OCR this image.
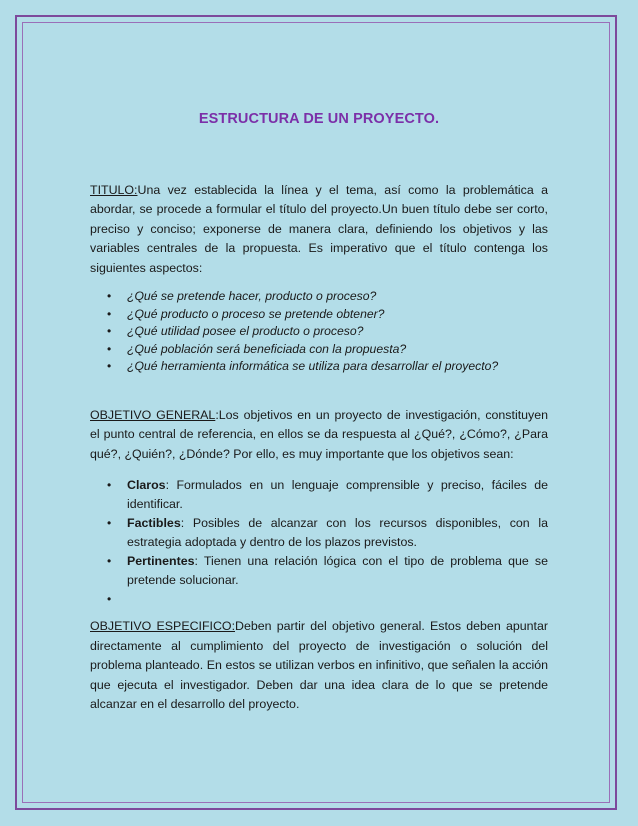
ESTRUCTURA DE UN PROYECTO.

TITULO:Una vez establecida la línea y el tema, así como la problemática a abordar, se procede a formular el título del proyecto.Un buen título debe ser corto, preciso y conciso; exponerse de manera clara, definiendo los objetivos y las variables centrales de la propuesta. Es imperativo que el título contenga los siguientes aspectos:

• ¿Qué se pretende hacer, producto o proceso?
• ¿Qué producto o proceso se pretende obtener?
• ¿Qué utilidad posee el producto o proceso?
• ¿Qué población será beneficiada con la propuesta?
• ¿Qué herramienta informática se utiliza para desarrollar el proyecto?

OBJETIVO GENERAL:Los objetivos en un proyecto de investigación, constituyen el punto central de referencia, en ellos se da respuesta al ¿Qué?, ¿Cómo?, ¿Para qué?, ¿Quién?, ¿Dónde? Por ello, es muy importante que los objetivos sean:

• Claros: Formulados en un lenguaje comprensible y preciso, fáciles de identificar.
• Factibles: Posibles de alcanzar con los recursos disponibles, con la estrategia adoptada y dentro de los plazos previstos.
• Pertinentes: Tienen una relación lógica con el tipo de problema que se pretende solucionar.
•

OBJETIVO ESPECIFICO:Deben partir del objetivo general. Estos deben apuntar directamente al cumplimiento del proyecto de investigación o solución del problema planteado. En estos se utilizan verbos en infinitivo, que señalen la acción que ejecuta el investigador. Deben dar una idea clara de lo que se pretende alcanzar en el desarrollo del proyecto.
